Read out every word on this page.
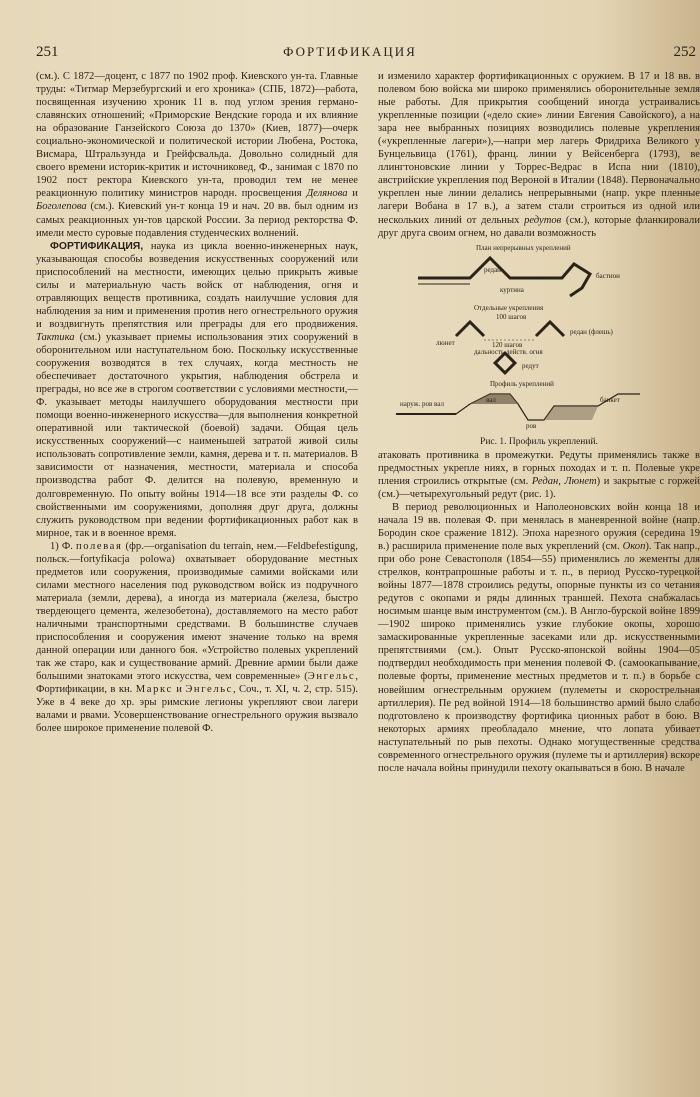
251	ФОРТИФИКАЦИЯ	252

(см.). С 1872—доцент, с 1877 по 1902 проф. Киевского ун-та. Главные труды: «Титмар Мерзебургский и его хроника» (СПБ, 1872)—работа, посвященная изучению хроник 11 в. под углом зрения германо-славянских отношений; «Приморские Вендские города и их влияние на образование Ганзейского Союза до 1370» (Киев, 1877)—очерк социально-экономической и политической истории Любена, Ростока, Висмара, Штральзунда и Грейфсвальда. Довольно солидный для своего времени историк-критик и источниковед, Ф., занимая с 1870 по 1902 пост ректора Киевского ун-та, проводил тем не менее реакционную политику министров народн. просвещения Делянова и Боголепова (см.). Киевский ун-т конца 19 и нач. 20 вв. был одним из самых реакционных ун-тов царской России. За период ректорства Ф. имели место суровые подавления студенческих волнений.

ФОРТИФИКАЦИЯ, наука из цикла военно-инженерных наук, указывающая способы возведения искусственных сооружений или приспособлений на местности, имеющих целью прикрыть живые силы и материальную часть войск от наблюдения, огня и отравляющих веществ противника, создать наилучшие условия для наблюдения за ним и применения против него огнестрельного оружия и воздвигнуть препятствия или преграды для его продвижения. Тактика (см.) указывает приемы использования этих сооружений в оборонительном или наступательном бою. Поскольку искусственные сооружения возводятся в тех случаях, когда местность не обеспечивает достаточного укрытия, наблюдения обстрела и преграды, но все же в строгом соответствии с условиями местности,—Ф. указывает методы наилучшего оборудования местности при помощи военно-инженерного искусства—для выполнения конкретной оперативной или тактической (боевой) задачи. Общая цель искусственных сооружений—с наименьшей затратой живой силы использовать сопротивление земли, камня, дерева и т. п. материалов. В зависимости от назначения, местности, материала и способа производства работ Ф. делится на полевую, временную и долговременную. По опыту войны 1914—18 все эти разделы Ф. со свойственными им сооружениями, дополняя друг друга, должны служить руководством при ведении фортификационных работ как в мирное, так и в военное время.

1) Ф. полевая (фр.—organisation du terrain, нем.—Feldbefestigung, польск.—fortyfikacja polowa) охватывает оборудование местных предметов или сооружения, производимые самими войсками или силами местного населения под руководством войск из подручного материала (земли, дерева), а иногда из материала (железа, быстро твердеющего цемента, железобетона), доставляемого на место работ наличными транспортными средствами. В большинстве случаев приспособления и сооружения имеют значение только на время данной операции или данного боя. «Устройство полевых укреплений так же старо, как и существование армий. Древние армии были даже большими знатоками этого искусства, чем современные» (Энгельс, Фортификации, в кн. Маркс и Энгельс, Соч., т. XI, ч. 2, стр. 515). Уже в 4 веке до хр. эры римские легионы укрепляют свои лагери валами и рвами. Усовершенствование огнестрельного оружия вызвало более широкое применение полевой Ф.

и изменило характер фортификационных с оружием. В 17 и 18 вв. в полевом бою войска ми широко применялись оборонительные земля ные работы. Для прикрытия сообщений иногда устраивались укрепленные позиции («дело ские» линии Евгения Савойского), а на зара нее выбранных позициях возводились полевые укрепления («укрепленные лагери»),—напри мер лагерь Фридриха Великого у Бунцельвица (1761), франц. линии у Вейсенберга (1793), ве ллингтоновские линии у Торрес-Ведрас в Испа нии (1810), австрийские укрепления под Вероной в Италии (1848). Первоначально укреплен ные линии делались непрерывными (напр. укре пленные лагери Вобана в 17 в.), а затем стали строиться из одной или нескольких линий от дельных редутов (см.), которые фланкировали друг друга своим огнем, но давали возможность

План непрерывных укреплений
редан
бастион
куртина
Отдельные укрепления
100 шагов
люнет
редан (флешь)
120 шагов
дальность действ. огня
редут
Профиль укреплений
наруж. ров вал	вал
ров
банкет

Рис. 1. Профиль укреплений.

атаковать противника в промежутки. Редуты применялись также в предмостных укрепле ниях, в горных походах и т. п. Полевые укре пления строились открытые (см. Редан, Люнет) и закрытые с горжей (см.)—четырехугольный редут (рис. 1).

В период революционных и Наполеоновских войн конца 18 и начала 19 вв. полевая Ф. при менялась в маневренной войне (напр. Бородин ское сражение 1812). Эпоха нарезного оружия (середина 19 в.) расширила применение поле вых укреплений (см. Окоп). Так напр., при обо роне Севастополя (1854—55) применялись ло жементы для стрелков, контрапрошные работы и т. п., в период Русско-турецкой войны 1877—1878 строились редуты, опорные пункты из со четания редутов с окопами и ряды длинных траншей. Пехота снабжалась носимым шанце вым инструментом (см.). В Англо-бурской войне 1899—1902 широко применялись узкие глубокие окопы, хорошо замаскированные укрепленные засеками или др. искусственными препятствиями (см.). Опыт Русско-японской войны 1904—05 подтвердил необходимость при менения полевой Ф. (самоокапывание, полевые форты, применение местных предметов и т. п.) в борьбе с новейшим огнестрельным оружием (пулеметы и скорострельная артиллерия). Пе ред войной 1914—18 большинство армий было слабо подготовлено к производству фортифика ционных работ в бою. В некоторых армиях преобладало мнение, что лопата убивает наступательный по рыв пехоты. Однако могущественные средства современного огнестрельного оружия (пулеме ты и артиллерия) вскоре после начала войны принудили пехоту окапываться в бою. В начале
